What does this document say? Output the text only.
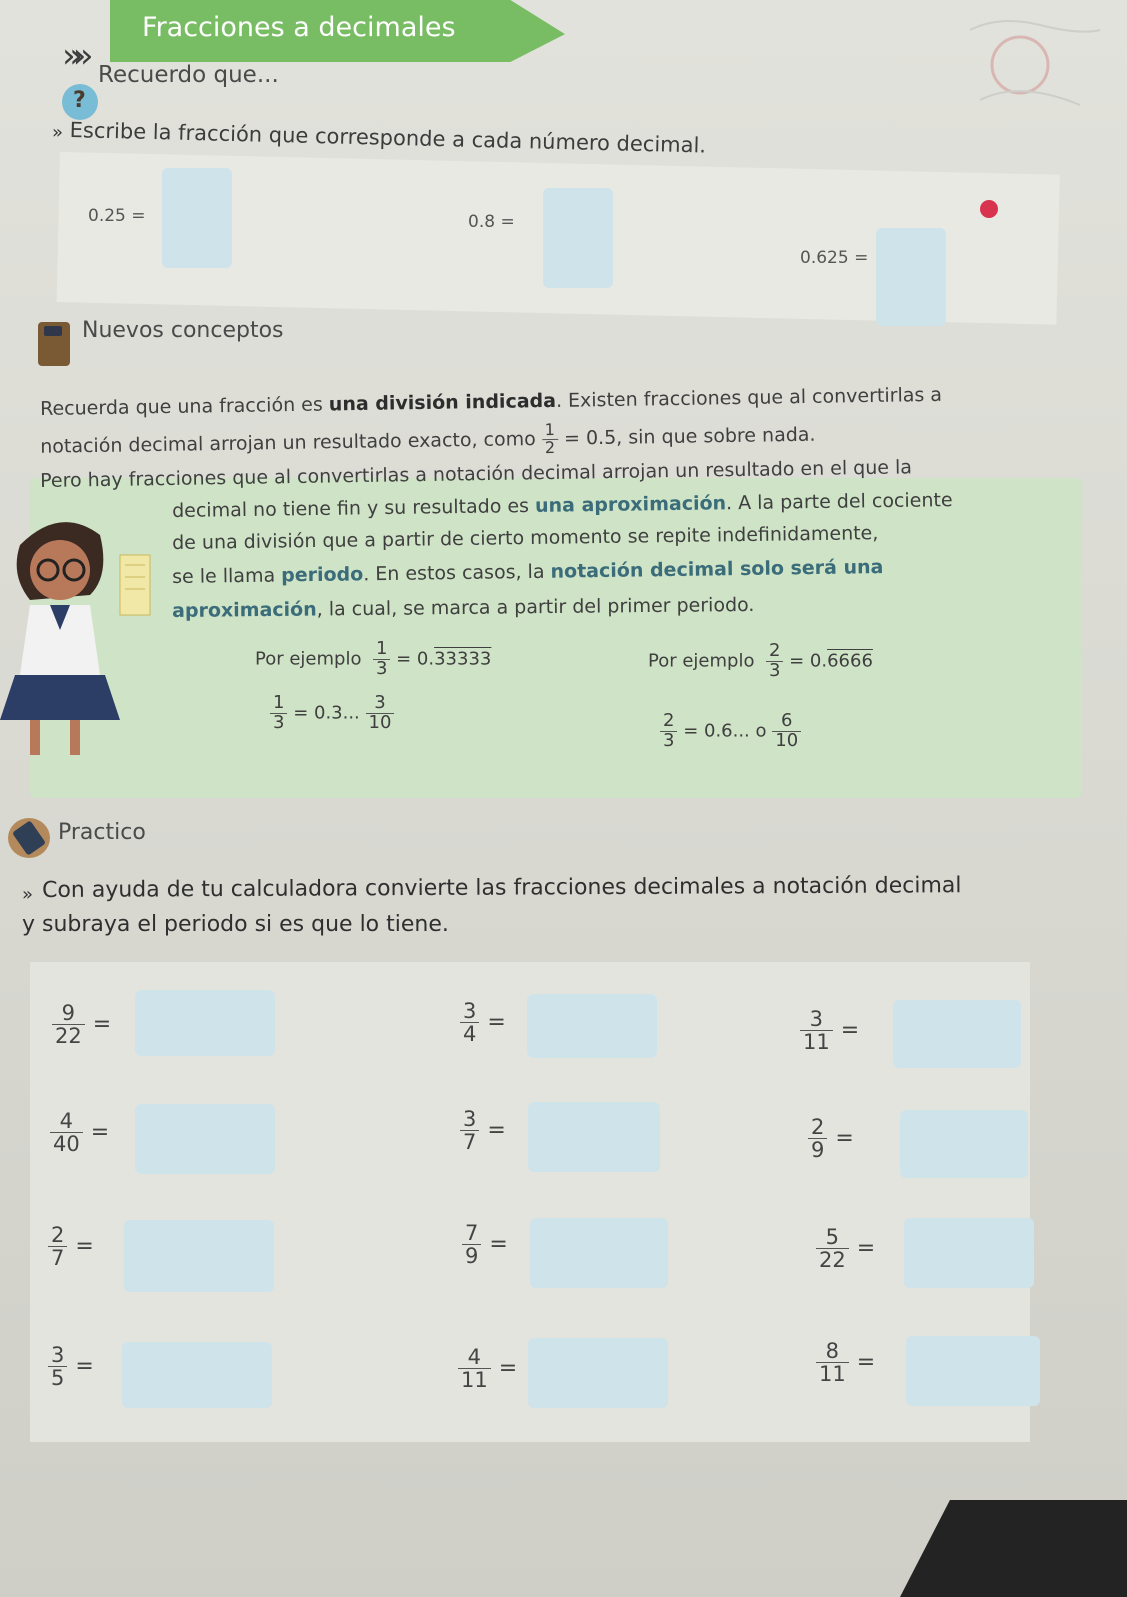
»»
Fracciones a decimales
?
Recuerdo que...
» Escribe la fracción que corresponde a cada número decimal.
0.25 =	0.8 =
0.625 =
Nuevos conceptos
Recuerda que una fracción es una división indicada. Existen fracciones que al convertirlas a
notación decimal arrojan un resultado exacto, como $\frac{1}{2} = 0.5$, sin que sobre nada.
Pero hay fracciones que al convertirlas a notación decimal arrojan un resultado en el que la
decimal no tiene fin y su resultado es una aproximación. A la parte del cociente
de una división que a partir de cierto momento se repite indefinidamente,
se le llama periodo. En estos casos, la notación decimal solo será una
aproximación, la cual, se marca a partir del primer periodo.
Por ejemplo $\frac{1}{3} = 0.33333$
$\frac{1}{3} = 0.3$... $\frac{3}{10}$
Por ejemplo $\frac{2}{3} = 0.6666$
$\frac{2}{3} = 0.6$... o $\frac{6}{10}$
Practico
» Con ayuda de tu calculadora convierte las fracciones decimales a notación decimal
y subraya el periodo si es que lo tiene.
$\frac{9}{22}$ =	$\frac{3}{4}$ =	$\frac{3}{11}$ =
$\frac{4}{40}$ =	$\frac{3}{7}$ =	$\frac{2}{9}$ =
$\frac{2}{7}$ =	$\frac{7}{9}$ =	$\frac{5}{22}$ =
$\frac{3}{5}$ =	$\frac{4}{11}$ =	$\frac{8}{11}$ =
